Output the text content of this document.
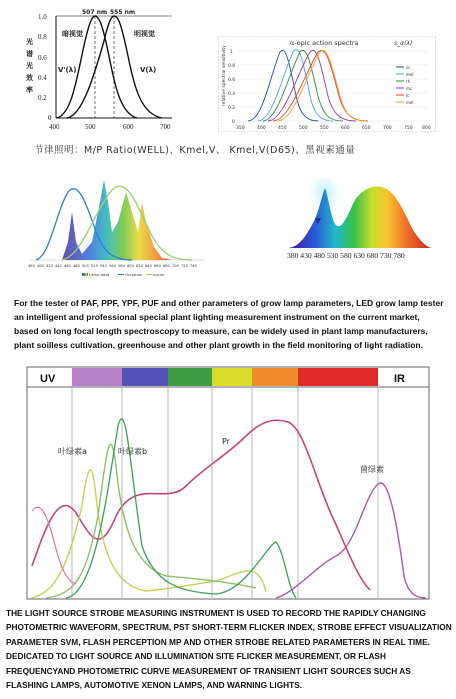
1.0
0.8
0.6
0.4
0.2
0
光
谱
光
效
率
400	500	600	700
507 nm 555 nm
暗视觉	明视觉
V'(λ)	V(λ)
α-opic action spectra	s_α(λ)
relative spectral sensitivity 1
0.8
0.6
0.4
0.2
0
350	400	450	500	550	600	650	700	750 800
sc
mel
rh
mc
lc
mel
节律照明：M/P Ratio(WELL)、Kmel,V、 Kmel,V(D65)、黑视素通量
380 400 420 440 460 480 500 520 540 560 580 600 620 640 660 680 700 720 740
Lamp data	circadian	visual
380 430 480 530 580 630 680 730 780
For the tester of PAF, PPF, YPF, PUF and other parameters of grow lamp parameters, LED grow lamp tester an intelligent and professional special plant lighting measurement instrument on the current market, based on long focal length spectroscopy to measure, can be widely used in plant lamp manufacturers, plant soilless cultivation, greenhouse and other plant growth in the field monitoring of light radiation.
UV	IR
叶绿素a	叶绿素b
Pr
菌绿素
THE LIGHT SOURCE STROBE MEASURING INSTRUMENT IS USED TO RECORD THE RAPIDLY CHANGING PHOTOMETRIC WAVEFORM, SPECTRUM, PST SHORT-TERM FLICKER INDEX, STROBE EFFECT VISUALIZATION PARAMETER SVM, FLASH PERCEPTION MP AND OTHER STROBE RELATED PARAMETERS IN REAL TIME. DEDICATED TO LIGHT SOURCE AND ILLUMINATION SITE FLICKER MEASUREMENT, OR FLASH FREQUENCYAND PHOTOMETRIC CURVE MEASUREMENT OF TRANSIENT LIGHT SOURCES SUCH AS FLASHING LAMPS, AUTOMOTIVE XENON LAMPS, AND WARNING LIGHTS.
